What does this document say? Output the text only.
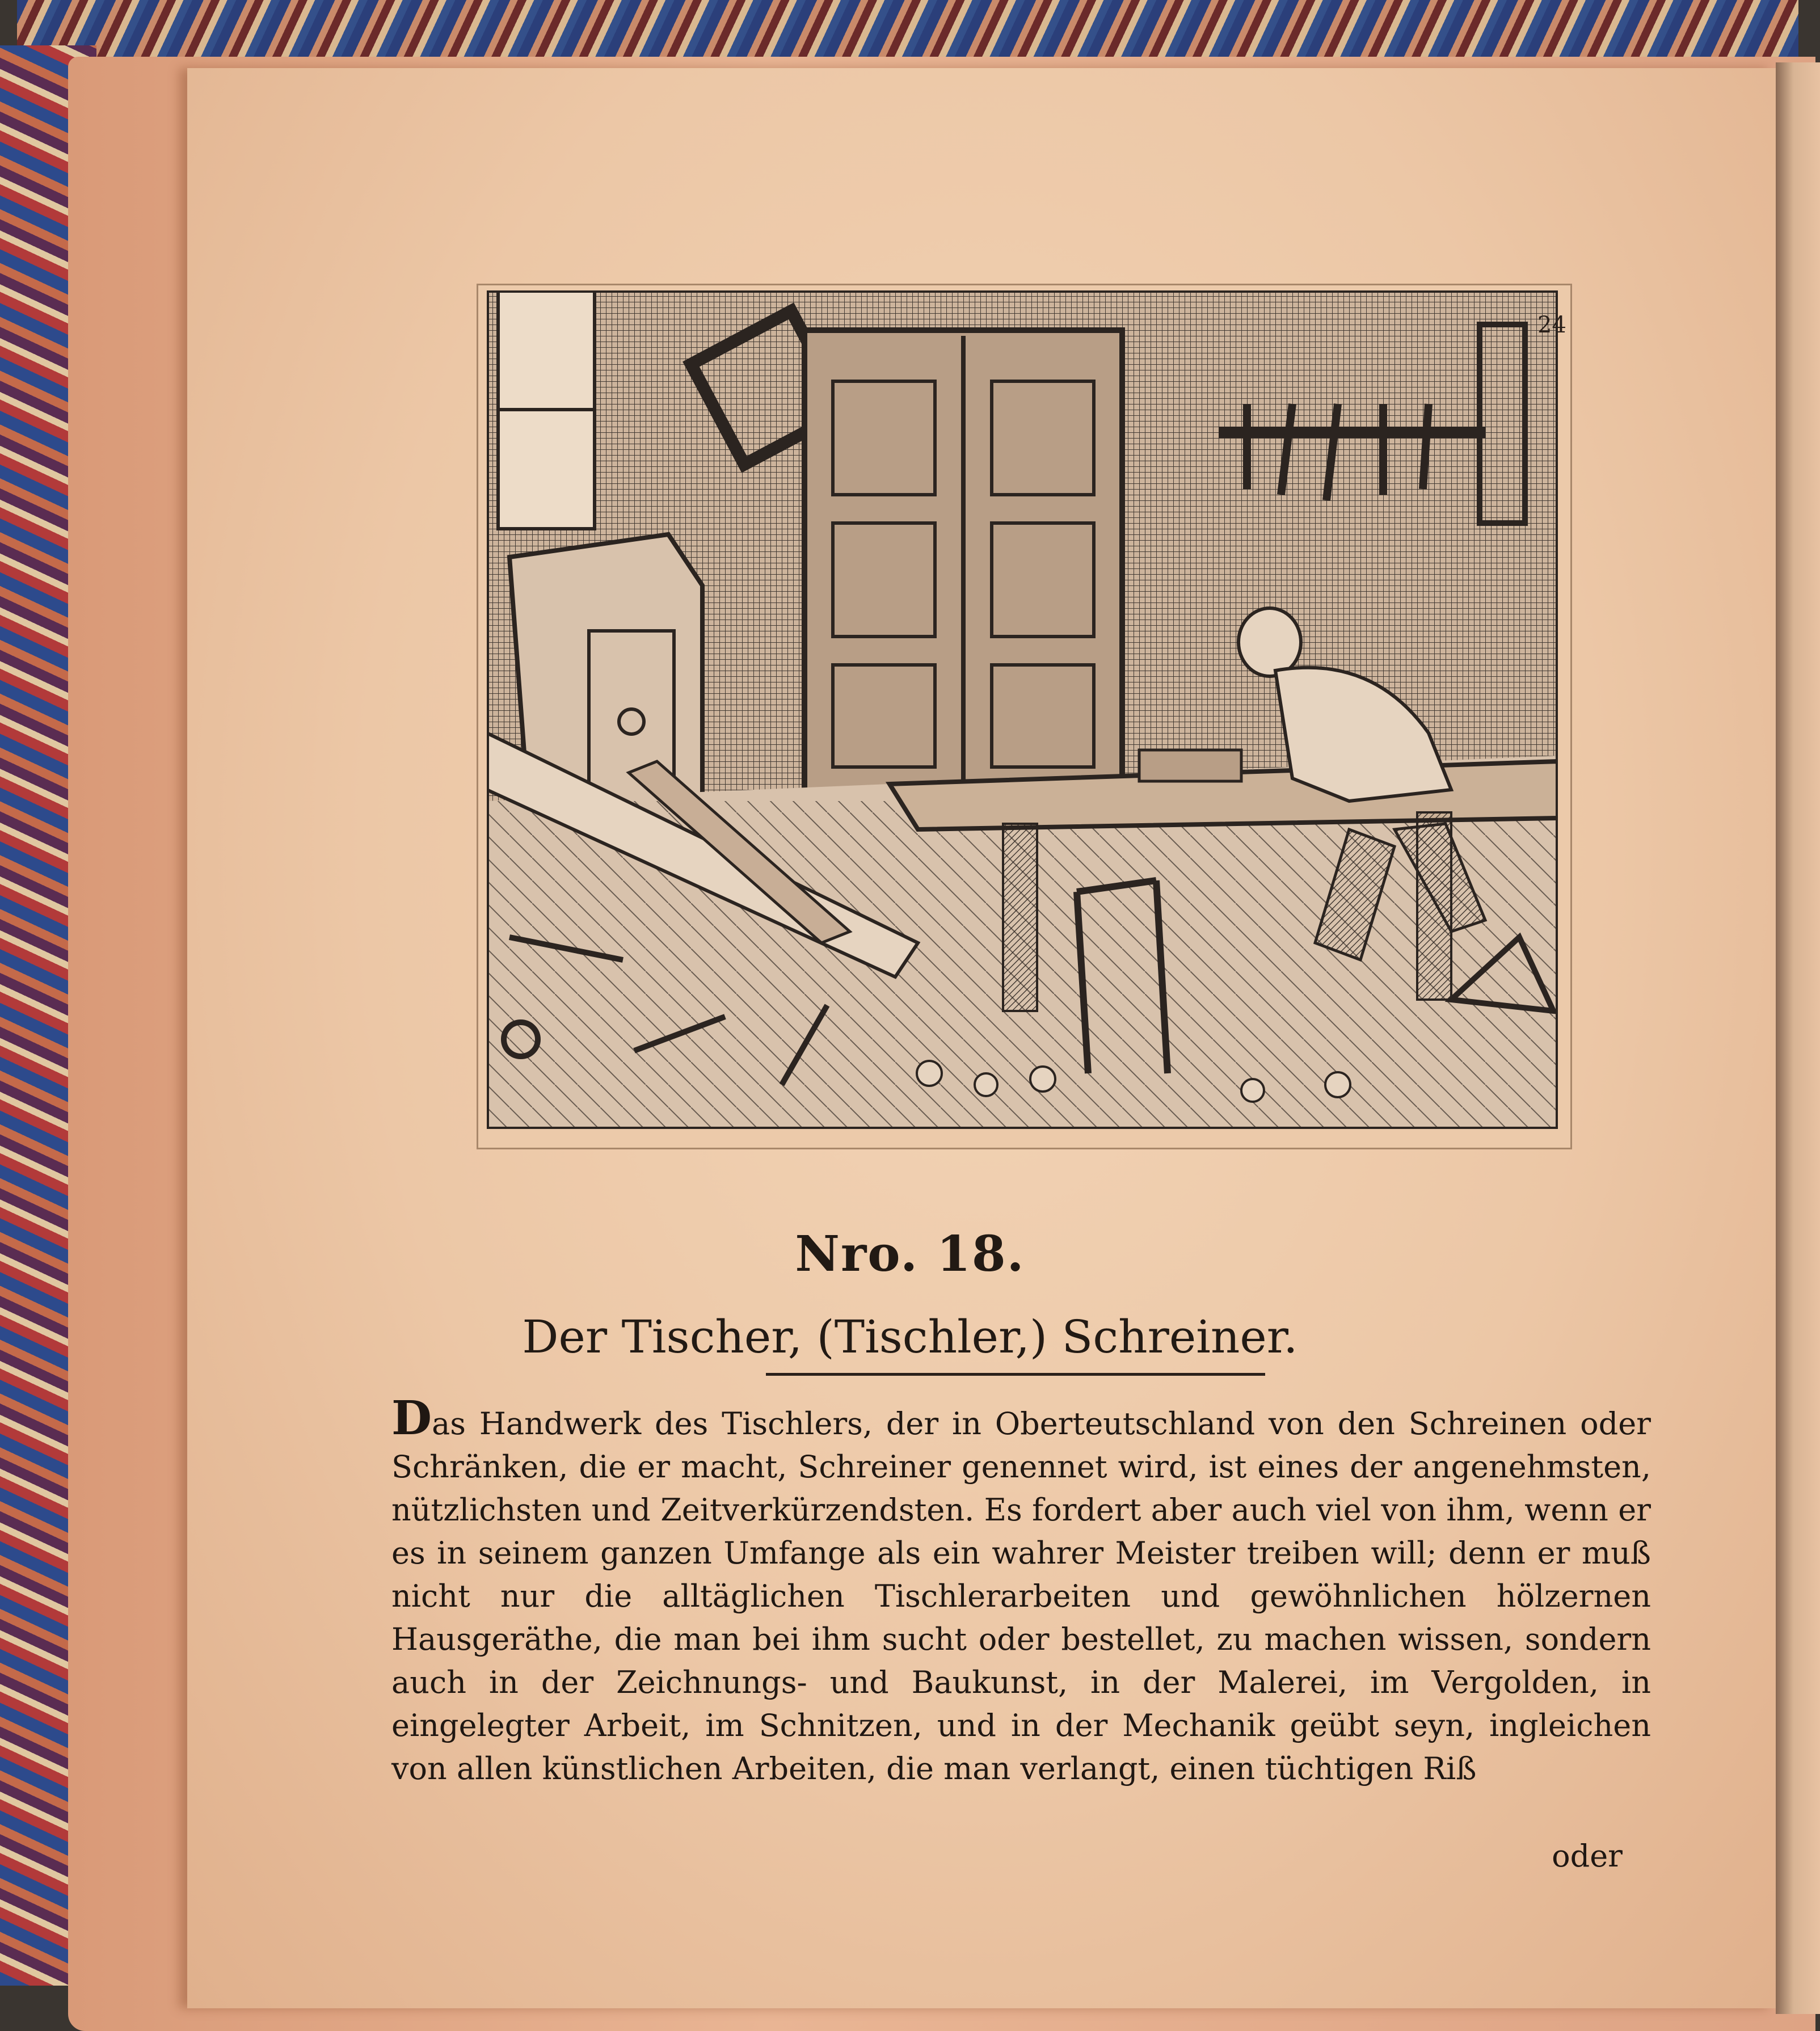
24
Nro. 18.
Der Tischer, (Tischler,) Schreiner.
Das Handwerk des Tischlers, der in Oberteutschland von den Schreinen oder Schränken, die er macht, Schreiner genennet wird, ist eines der angenehmsten, nützlichsten und Zeitverkürzendsten. Es fordert aber auch viel von ihm, wenn er es in seinem ganzen Umfange als ein wahrer Meister treiben will; denn er muß nicht nur die alltäglichen Tischlerarbeiten und gewöhnlichen hölzernen Hausgeräthe, die man bei ihm sucht oder bestellet, zu machen wissen, sondern auch in der Zeichnungs- und Baukunst, in der Malerei, im Vergolden, in eingelegter Arbeit, im Schnitzen, und in der Mechanik geübt seyn, ingleichen von allen künstlichen Arbeiten, die man verlangt, einen tüchtigen Riß
oder
